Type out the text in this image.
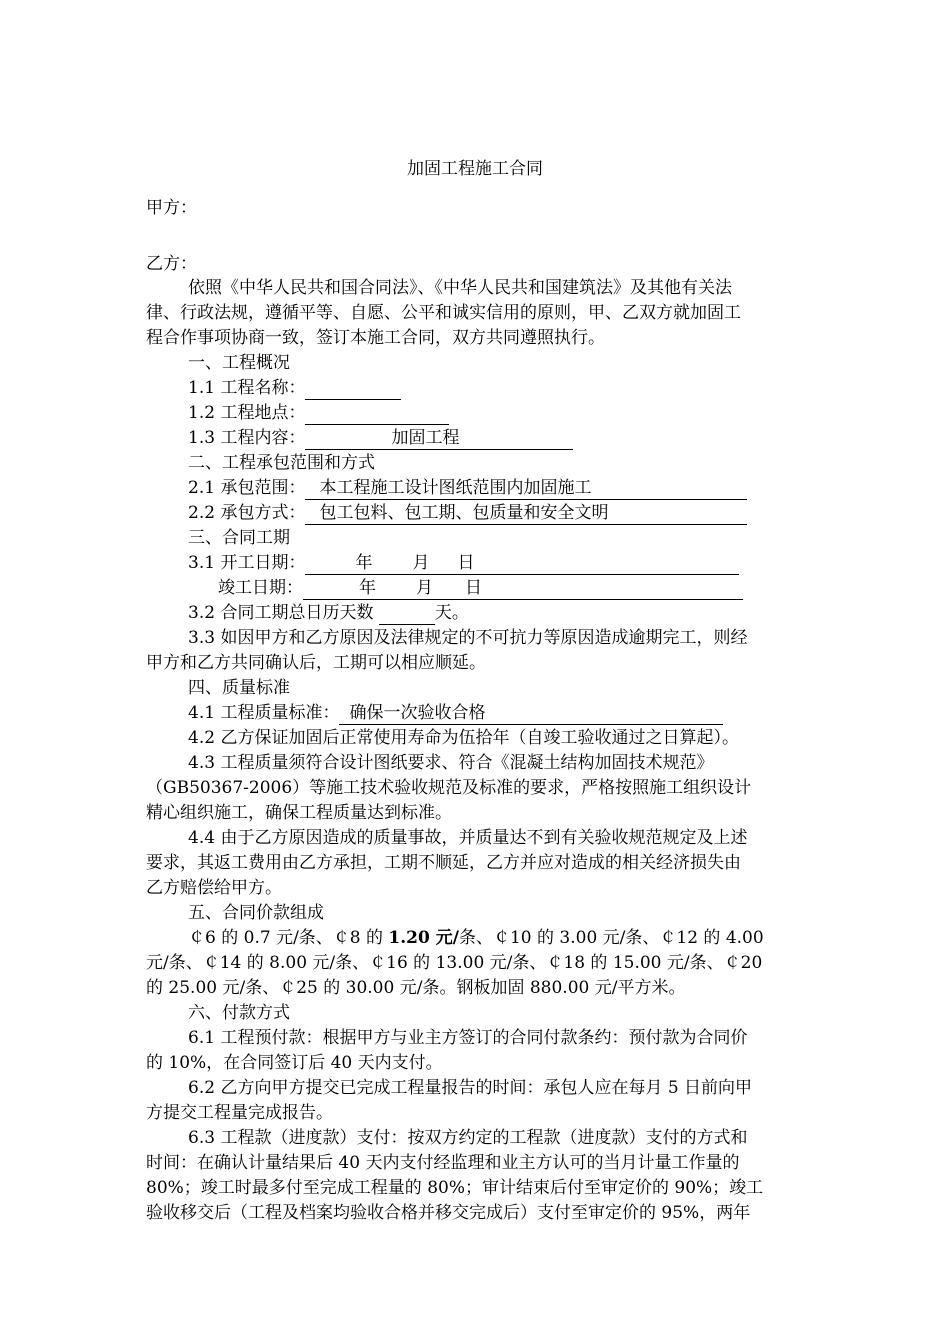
加固工程施工合同
甲方：
乙方：
依照《中华人民共和国合同法》、《中华人民共和国建筑法》及其他有关法
律、行政法规，遵循平等、自愿、公平和诚实信用的原则，甲、乙双方就加固工
程合作事项协商一致，签订本施工合同，双方共同遵照执行。
一、工程概况
1.1 工程名称：
1.2 工程地点：
1.3 工程内容：	加固工程
二、工程承包范围和方式
2.1 承包范围： 本工程施工设计图纸范围内加固施工
2.2 承包方式： 包工包料、包工期、包质量和安全文明
三、合同工期
3.1 开工日期：	年 月 日
竣工日期：	年 月 日
3.2 合同工期总日历天数	天。
3.3 如因甲方和乙方原因及法律规定的不可抗力等原因造成逾期完工，则经
甲方和乙方共同确认后，工期可以相应顺延。
四、质量标准
4.1 工程质量标准： 确保一次验收合格
4.2 乙方保证加固后正常使用寿命为伍拾年（自竣工验收通过之日算起）。
4.3 工程质量须符合设计图纸要求、符合《混凝土结构加固技术规范》
（GB50367-2006）等施工技术验收规范及标准的要求，严格按照施工组织设计
精心组织施工，确保工程质量达到标准。
4.4 由于乙方原因造成的质量事故，并质量达不到有关验收规范规定及上述
要求，其返工费用由乙方承担，工期不顺延，乙方并应对造成的相关经济损失由
乙方赔偿给甲方。
五、合同价款组成
￠6 的 0.7 元/条、￠8 的 1.20 元/条、￠10 的 3.00 元/条、￠12 的 4.00
元/条、￠14 的 8.00 元/条、￠16 的 13.00 元/条、￠18 的 15.00 元/条、￠20
的 25.00 元/条、￠25 的 30.00 元/条。钢板加固 880.00 元/平方米。
六、付款方式
6.1 工程预付款：根据甲方与业主方签订的合同付款条约：预付款为合同价
的 10%，在合同签订后 40 天内支付。
6.2 乙方向甲方提交已完成工程量报告的时间：承包人应在每月 5 日前向甲
方提交工程量完成报告。
6.3 工程款（进度款）支付：按双方约定的工程款（进度款）支付的方式和
时间：在确认计量结果后 40 天内支付经监理和业主方认可的当月计量工作量的
80%；竣工时最多付至完成工程量的 80%；审计结束后付至审定价的 90%；竣工
验收移交后（工程及档案均验收合格并移交完成后）支付至审定价的 95%，两年
